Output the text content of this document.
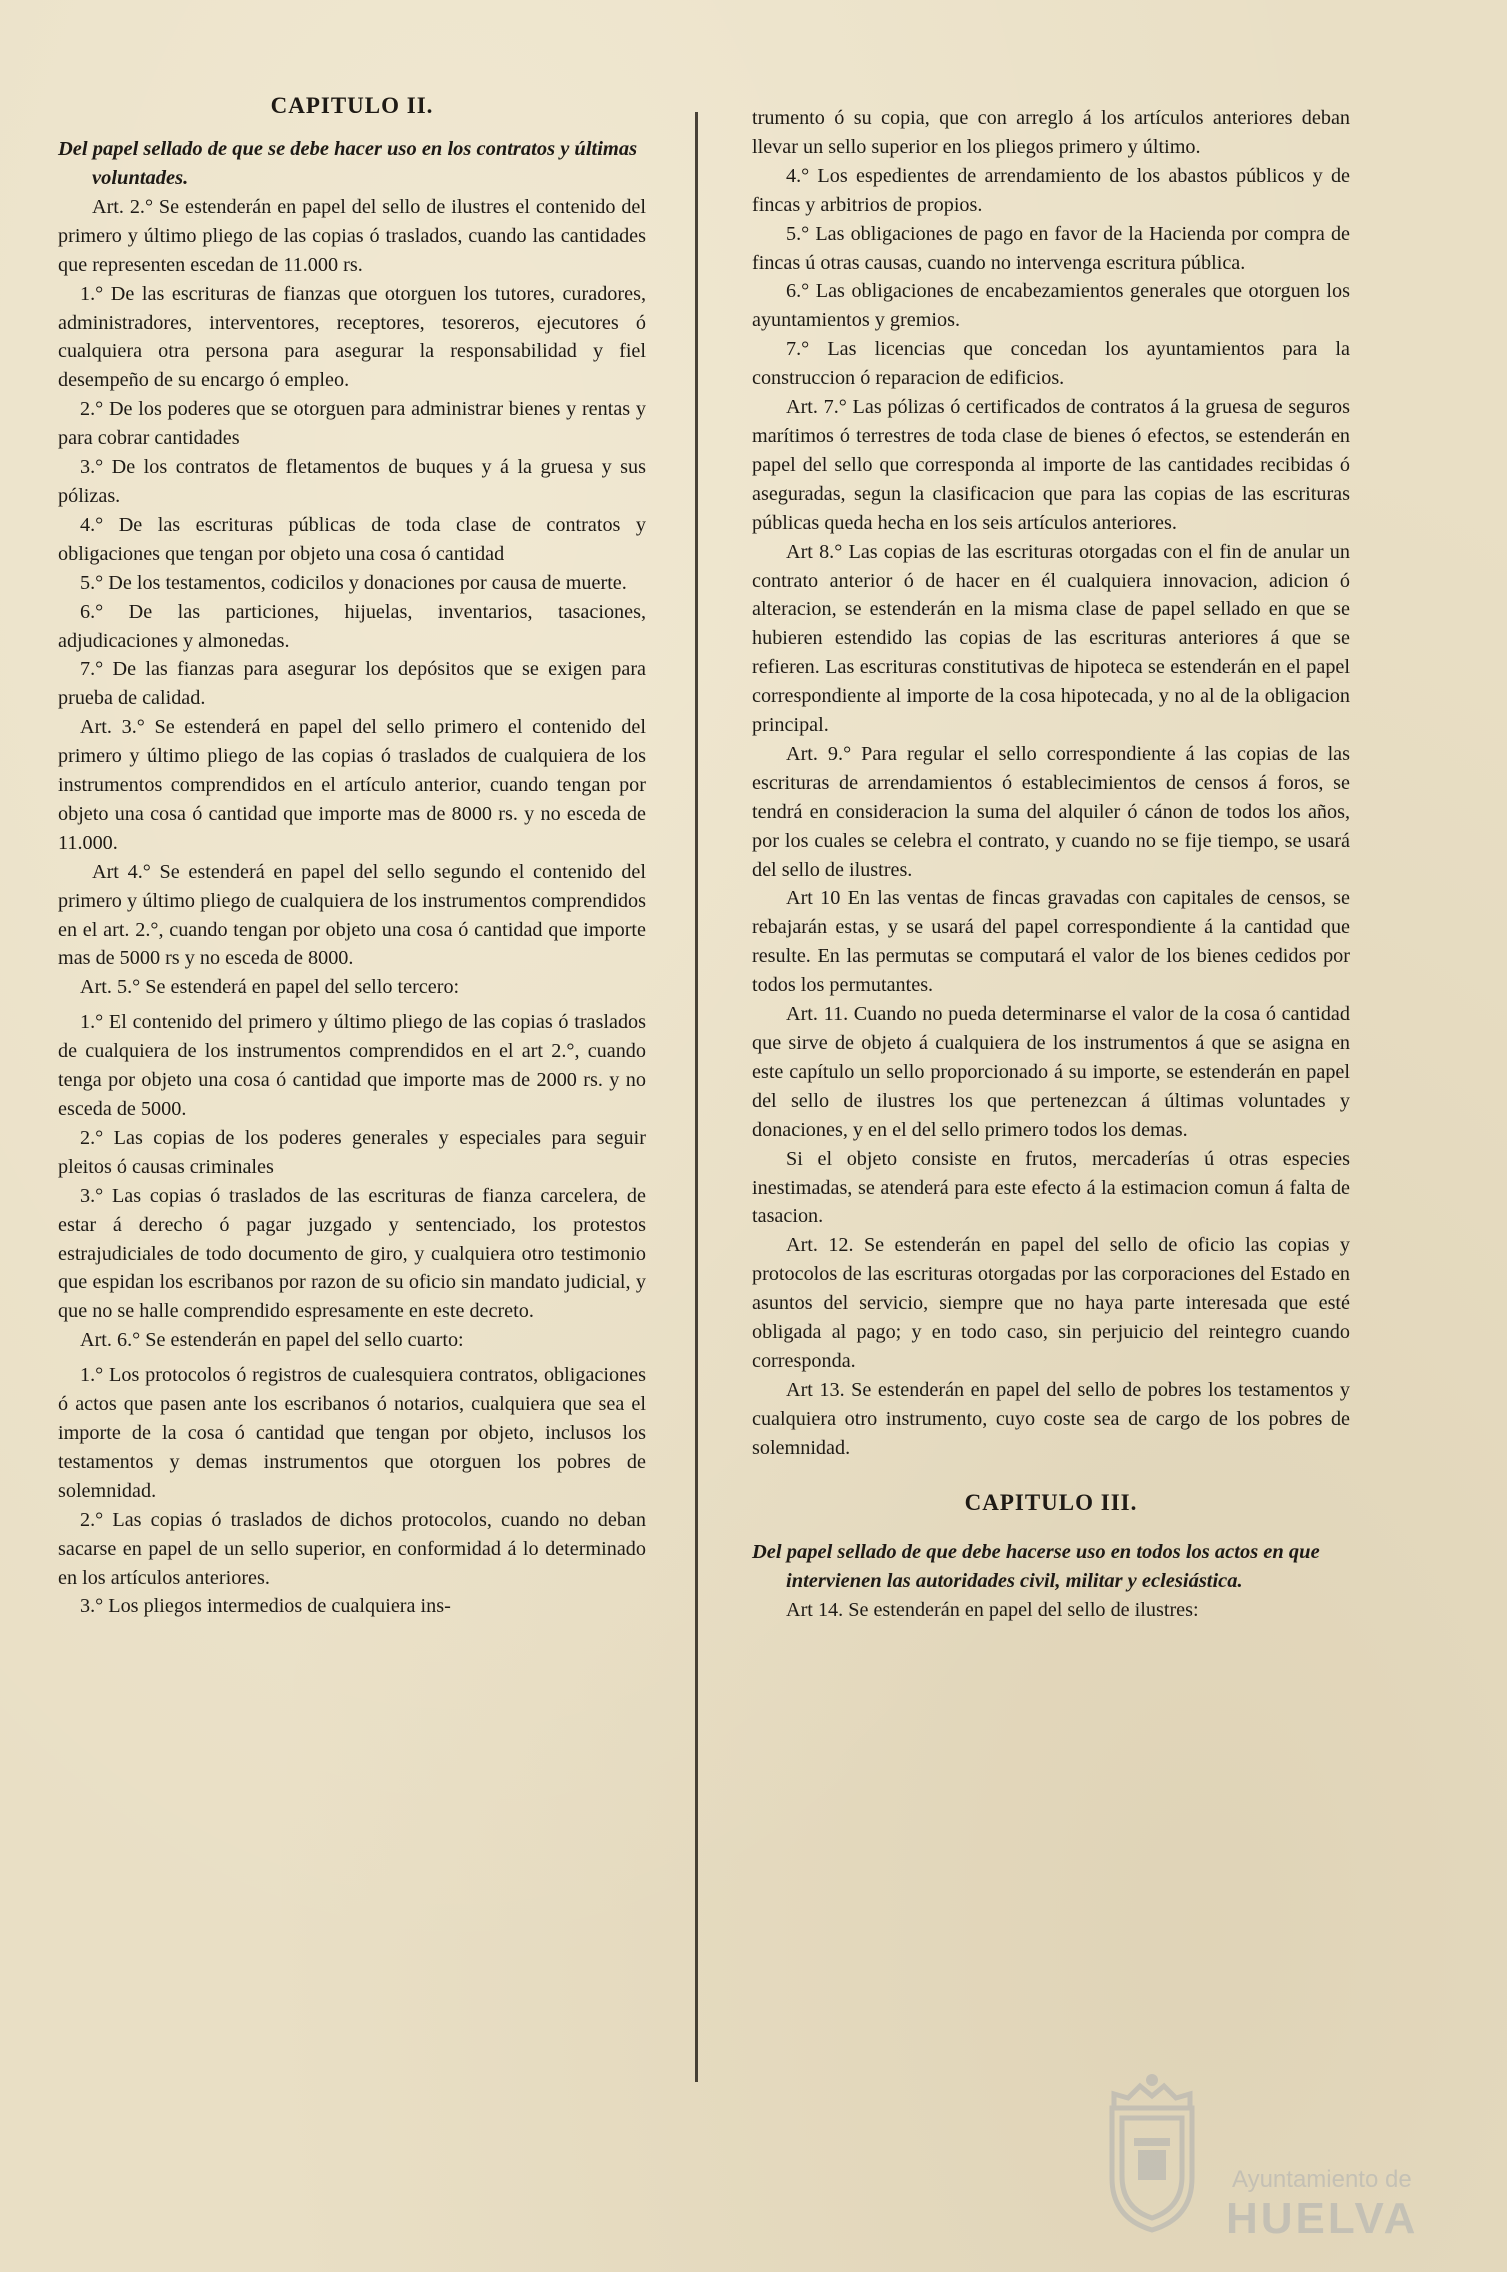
CAPITULO II.

Del papel sellado de que se debe hacer uso en los contratos y últimas voluntades.

Art. 2.° Se estenderán en papel del sello de ilustres el contenido del primero y último pliego de las copias ó traslados, cuando las cantidades que representen escedan de 11.000 rs.

1.° De las escrituras de fianzas que otorguen los tutores, curadores, administradores, interventores, receptores, tesoreros, ejecutores ó cualquiera otra persona para asegurar la responsabilidad y fiel desempeño de su encargo ó empleo.

2.° De los poderes que se otorguen para administrar bienes y rentas y para cobrar cantidades

3.° De los contratos de fletamentos de buques y á la gruesa y sus pólizas.

4.° De las escrituras públicas de toda clase de contratos y obligaciones que tengan por objeto una cosa ó cantidad

5.° De los testamentos, codicilos y donaciones por causa de muerte.

6.° De las particiones, hijuelas, inventarios, tasaciones, adjudicaciones y almonedas.

7.° De las fianzas para asegurar los depósitos que se exigen para prueba de calidad.

Art. 3.° Se estenderá en papel del sello primero el contenido del primero y último pliego de las copias ó traslados de cualquiera de los instrumentos comprendidos en el artículo anterior, cuando tengan por objeto una cosa ó cantidad que importe mas de 8000 rs. y no esceda de 11.000.

Art 4.° Se estenderá en papel del sello segundo el contenido del primero y último pliego de cualquiera de los instrumentos comprendidos en el art. 2.°, cuando tengan por objeto una cosa ó cantidad que importe mas de 5000 rs y no esceda de 8000.

Art. 5.° Se estenderá en papel del sello tercero:

1.° El contenido del primero y último pliego de las copias ó traslados de cualquiera de los instrumentos comprendidos en el art 2.°, cuando tenga por objeto una cosa ó cantidad que importe mas de 2000 rs. y no esceda de 5000.

2.° Las copias de los poderes generales y especiales para seguir pleitos ó causas criminales

3.° Las copias ó traslados de las escrituras de fianza carcelera, de estar á derecho ó pagar juzgado y sentenciado, los protestos estrajudiciales de todo documento de giro, y cualquiera otro testimonio que espidan los escribanos por razon de su oficio sin mandato judicial, y que no se halle comprendido espresamente en este decreto.

Art. 6.° Se estenderán en papel del sello cuarto:

1.° Los protocolos ó registros de cualesquiera contratos, obligaciones ó actos que pasen ante los escribanos ó notarios, cualquiera que sea el importe de la cosa ó cantidad que tengan por objeto, inclusos los testamentos y demas instrumentos que otorguen los pobres de solemnidad.

2.° Las copias ó traslados de dichos protocolos, cuando no deban sacarse en papel de un sello superior, en conformidad á lo determinado en los artículos anteriores.

3.° Los pliegos intermedios de cualquiera ins-

trumento ó su copia, que con arreglo á los artículos anteriores deban llevar un sello superior en los pliegos primero y último.

4.° Los espedientes de arrendamiento de los abastos públicos y de fincas y arbitrios de propios.

5.° Las obligaciones de pago en favor de la Hacienda por compra de fincas ú otras causas, cuando no intervenga escritura pública.

6.° Las obligaciones de encabezamientos generales que otorguen los ayuntamientos y gremios.

7.° Las licencias que concedan los ayuntamientos para la construccion ó reparacion de edificios.

Art. 7.° Las pólizas ó certificados de contratos á la gruesa de seguros marítimos ó terrestres de toda clase de bienes ó efectos, se estenderán en papel del sello que corresponda al importe de las cantidades recibidas ó aseguradas, segun la clasificacion que para las copias de las escrituras públicas queda hecha en los seis artículos anteriores.

Art 8.° Las copias de las escrituras otorgadas con el fin de anular un contrato anterior ó de hacer en él cualquiera innovacion, adicion ó alteracion, se estenderán en la misma clase de papel sellado en que se hubieren estendido las copias de las escrituras anteriores á que se refieren. Las escrituras constitutivas de hipoteca se estenderán en el papel correspondiente al importe de la cosa hipotecada, y no al de la obligacion principal.

Art. 9.° Para regular el sello correspondiente á las copias de las escrituras de arrendamientos ó establecimientos de censos á foros, se tendrá en consideracion la suma del alquiler ó cánon de todos los años, por los cuales se celebra el contrato, y cuando no se fije tiempo, se usará del sello de ilustres.

Art 10 En las ventas de fincas gravadas con capitales de censos, se rebajarán estas, y se usará del papel correspondiente á la cantidad que resulte. En las permutas se computará el valor de los bienes cedidos por todos los permutantes.

Art. 11. Cuando no pueda determinarse el valor de la cosa ó cantidad que sirve de objeto á cualquiera de los instrumentos á que se asigna en este capítulo un sello proporcionado á su importe, se estenderán en papel del sello de ilustres los que pertenezcan á últimas voluntades y donaciones, y en el del sello primero todos los demas.

Si el objeto consiste en frutos, mercaderías ú otras especies inestimadas, se atenderá para este efecto á la estimacion comun á falta de tasacion.

Art. 12. Se estenderán en papel del sello de oficio las copias y protocolos de las escrituras otorgadas por las corporaciones del Estado en asuntos del servicio, siempre que no haya parte interesada que esté obligada al pago; y en todo caso, sin perjuicio del reintegro cuando corresponda.

Art 13. Se estenderán en papel del sello de pobres los testamentos y cualquiera otro instrumento, cuyo coste sea de cargo de los pobres de solemnidad.

CAPITULO III.

Del papel sellado de que debe hacerse uso en todos los actos en que intervienen las autoridades civil, militar y eclesiástica.

Art 14. Se estenderán en papel del sello de ilustres:

Ayuntamiento de
HUELVA
